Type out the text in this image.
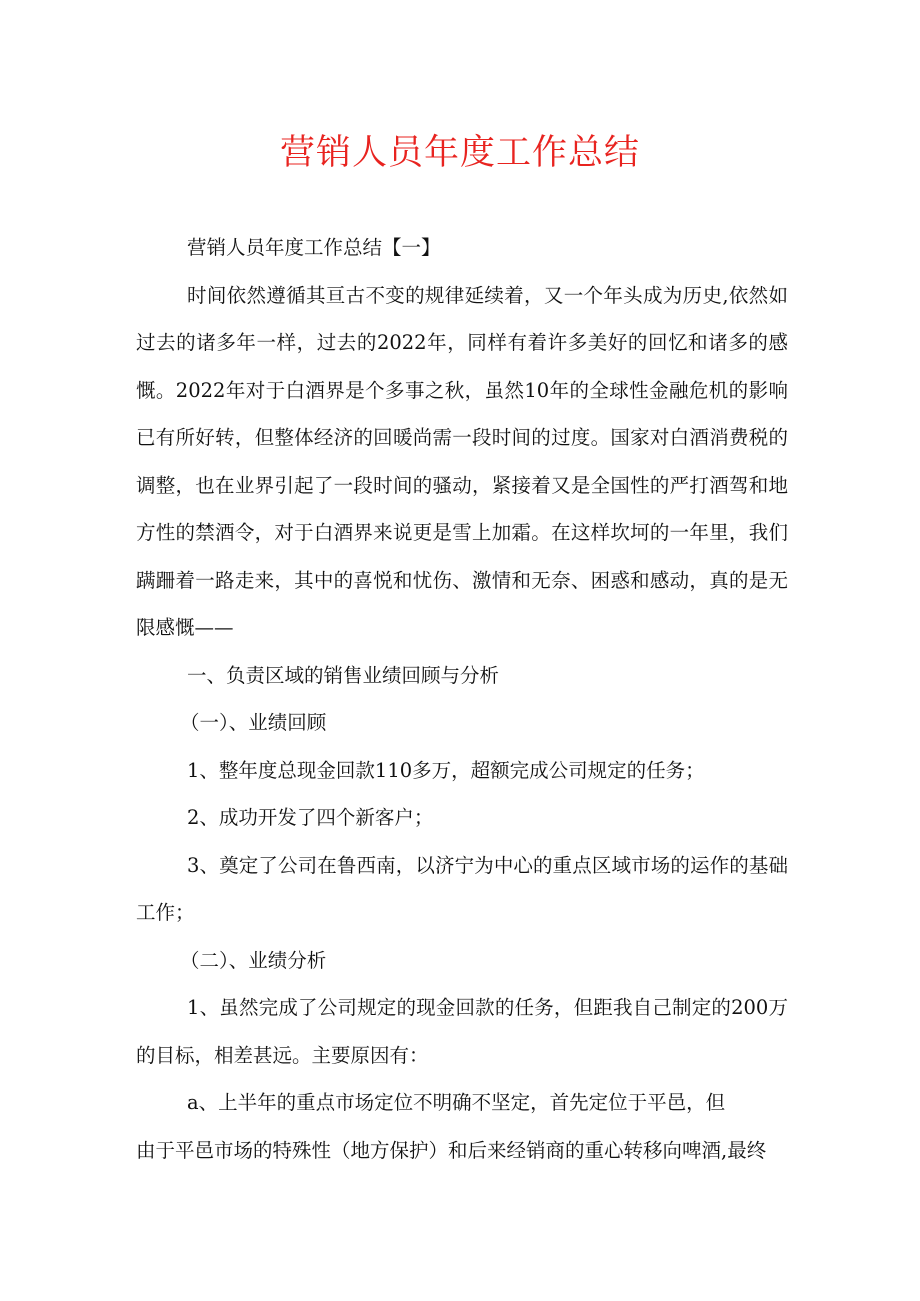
营销人员年度工作总结

营销人员年度工作总结【一】

时间依然遵循其亘古不变的规律延续着，又一个年头成为历史,依然如过去的诸多年一样，过去的2022年，同样有着许多美好的回忆和诸多的感慨。2022年对于白酒界是个多事之秋，虽然10年的全球性金融危机的影响已有所好转，但整体经济的回暖尚需一段时间的过度。国家对白酒消费税的调整，也在业界引起了一段时间的骚动，紧接着又是全国性的严打酒驾和地方性的禁酒令，对于白酒界来说更是雪上加霜。在这样坎坷的一年里，我们蹒跚着一路走来，其中的喜悦和忧伤、激情和无奈、困惑和感动，真的是无限感慨——

一、负责区域的销售业绩回顾与分析

（一）、业绩回顾

1、整年度总现金回款110多万，超额完成公司规定的任务；

2、成功开发了四个新客户；

3、奠定了公司在鲁西南，以济宁为中心的重点区域市场的运作的基础工作；

（二）、业绩分析

1、虽然完成了公司规定的现金回款的任务，但距我自己制定的200万的目标，相差甚远。主要原因有：

a、上半年的重点市场定位不明确不坚定，首先定位于平邑，但

由于平邑市场的特殊性（地方保护）和后来经销商的重心转移向啤酒,最终
